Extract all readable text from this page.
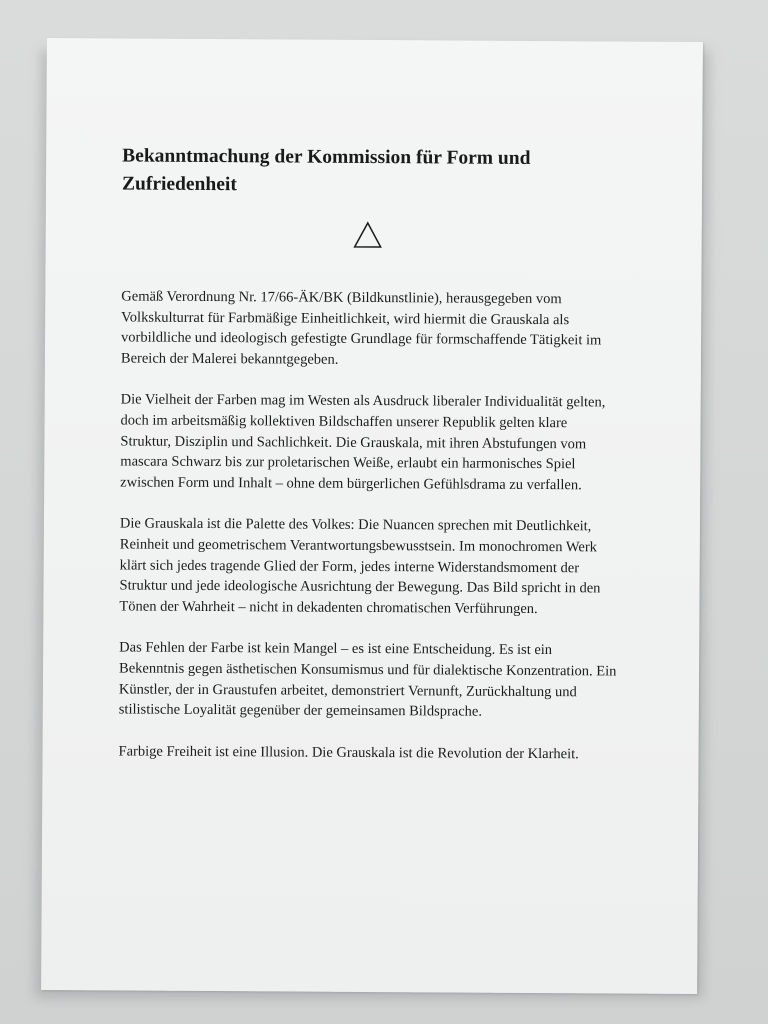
Bekanntmachung der Kommission für Form und Zufriedenheit

Gemäß Verordnung Nr. 17/66-ÄK/BK (Bildkunstlinie), herausgegeben vom Volkskulturrat für Farbmäßige Einheitlichkeit, wird hiermit die Grauskala als vorbildliche und ideologisch gefestigte Grundlage für formschaffende Tätigkeit im Bereich der Malerei bekanntgegeben.

Die Vielheit der Farben mag im Westen als Ausdruck liberaler Individualität gelten, doch im arbeitsmäßig kollektiven Bildschaffen unserer Republik gelten klare Struktur, Disziplin und Sachlichkeit. Die Grauskala, mit ihren Abstufungen vom mascara Schwarz bis zur proletarischen Weiße, erlaubt ein harmonisches Spiel zwischen Form und Inhalt – ohne dem bürgerlichen Gefühlsdrama zu verfallen.

Die Grauskala ist die Palette des Volkes: Die Nuancen sprechen mit Deutlichkeit, Reinheit und geometrischem Verantwortungsbewusstsein. Im monochromen Werk klärt sich jedes tragende Glied der Form, jedes interne Widerstandsmoment der Struktur und jede ideologische Ausrichtung der Bewegung. Das Bild spricht in den Tönen der Wahrheit – nicht in dekadenten chromatischen Verführungen.

Das Fehlen der Farbe ist kein Mangel – es ist eine Entscheidung. Es ist ein Bekenntnis gegen ästhetischen Konsumismus und für dialektische Konzentration. Ein Künstler, der in Graustufen arbeitet, demonstriert Vernunft, Zurückhaltung und stilistische Loyalität gegenüber der gemeinsamen Bildsprache.

Farbige Freiheit ist eine Illusion. Die Grauskala ist die Revolution der Klarheit.
